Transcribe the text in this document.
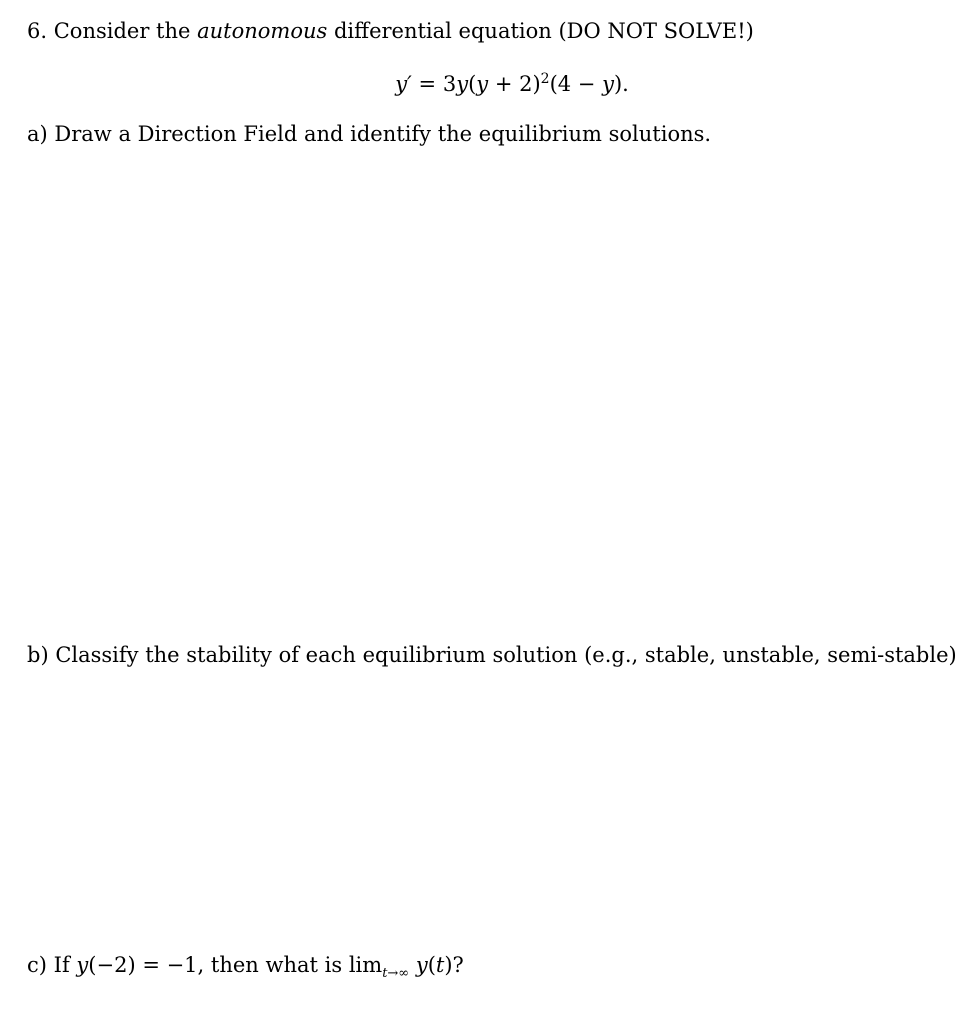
6. Consider the autonomous differential equation (DO NOT SOLVE!)
$y' = 3y(y + 2)^2(4 - y)$.
a) Draw a Direction Field and identify the equilibrium solutions.
b) Classify the stability of each equilibrium solution (e.g., stable, unstable, semi-stable)
c) If y(−2) = −1, then what is $\lim_{t\to\infty} y(t)$?
